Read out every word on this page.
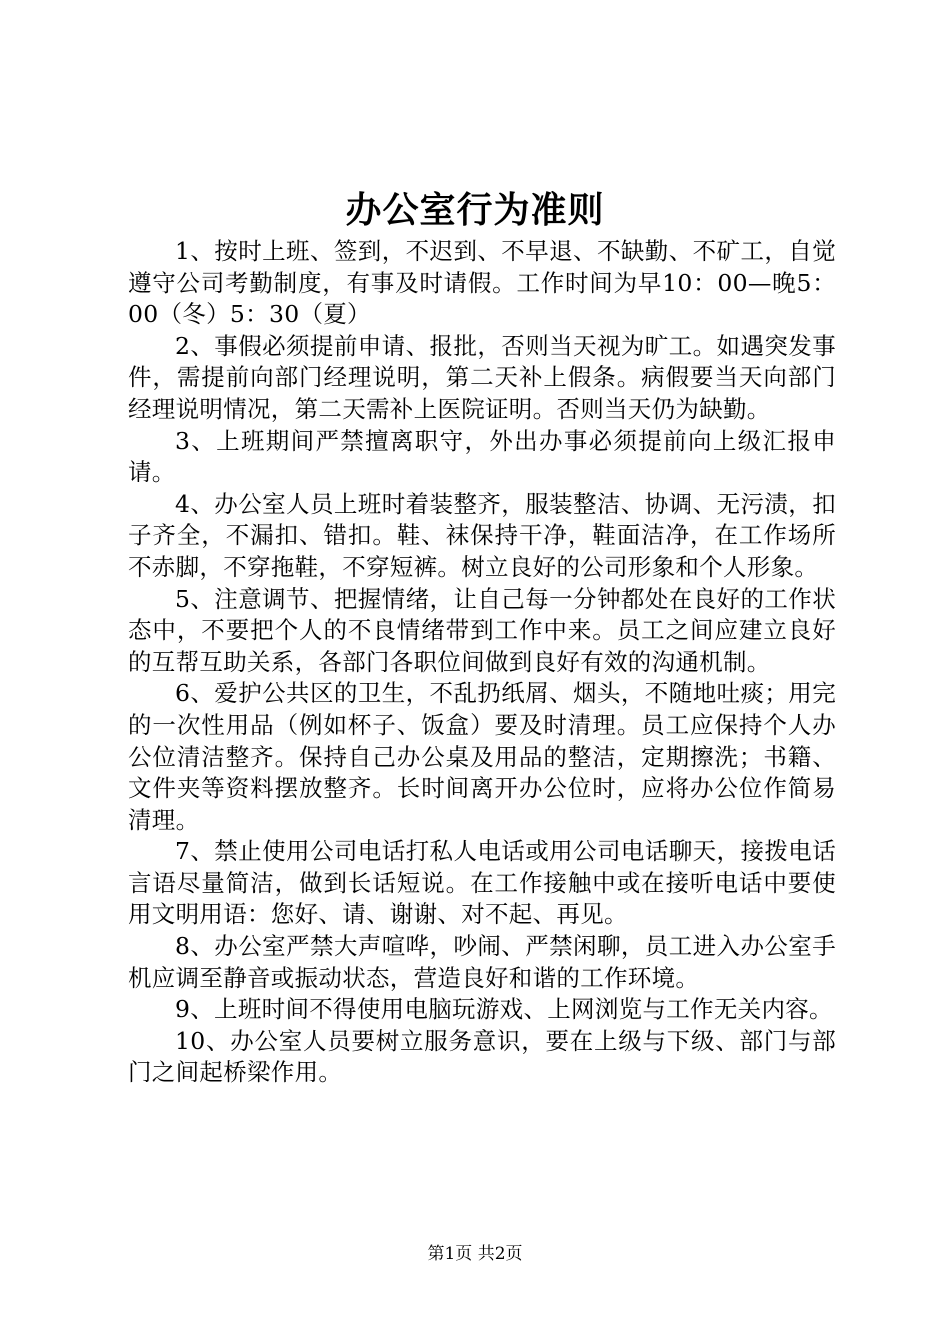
办公室行为准则

1、按时上班、签到，不迟到、不早退、不缺勤、不矿工，自觉遵守公司考勤制度，有事及时请假。工作时间为早10：00—晚5：00（冬）5：30（夏）

2、事假必须提前申请、报批，否则当天视为旷工。如遇突发事件，需提前向部门经理说明，第二天补上假条。病假要当天向部门经理说明情况，第二天需补上医院证明。否则当天仍为缺勤。

3、上班期间严禁擅离职守，外出办事必须提前向上级汇报申请。

4、办公室人员上班时着装整齐，服装整洁、协调、无污渍，扣子齐全，不漏扣、错扣。鞋、袜保持干净，鞋面洁净，在工作场所不赤脚，不穿拖鞋，不穿短裤。树立良好的公司形象和个人形象。

5、注意调节、把握情绪，让自己每一分钟都处在良好的工作状态中，不要把个人的不良情绪带到工作中来。员工之间应建立良好的互帮互助关系，各部门各职位间做到良好有效的沟通机制。

6、爱护公共区的卫生，不乱扔纸屑、烟头，不随地吐痰；用完的一次性用品（例如杯子、饭盒）要及时清理。员工应保持个人办公位清洁整齐。保持自己办公桌及用品的整洁，定期擦洗；书籍、文件夹等资料摆放整齐。长时间离开办公位时，应将办公位作简易清理。

7、禁止使用公司电话打私人电话或用公司电话聊天，接拨电话言语尽量简洁，做到长话短说。在工作接触中或在接听电话中要使用文明用语：您好、请、谢谢、对不起、再见。

8、办公室严禁大声喧哗，吵闹、严禁闲聊，员工进入办公室手机应调至静音或振动状态，营造良好和谐的工作环境。

9、上班时间不得使用电脑玩游戏、上网浏览与工作无关内容。

10、办公室人员要树立服务意识，要在上级与下级、部门与部门之间起桥梁作用。

第1页 共2页
